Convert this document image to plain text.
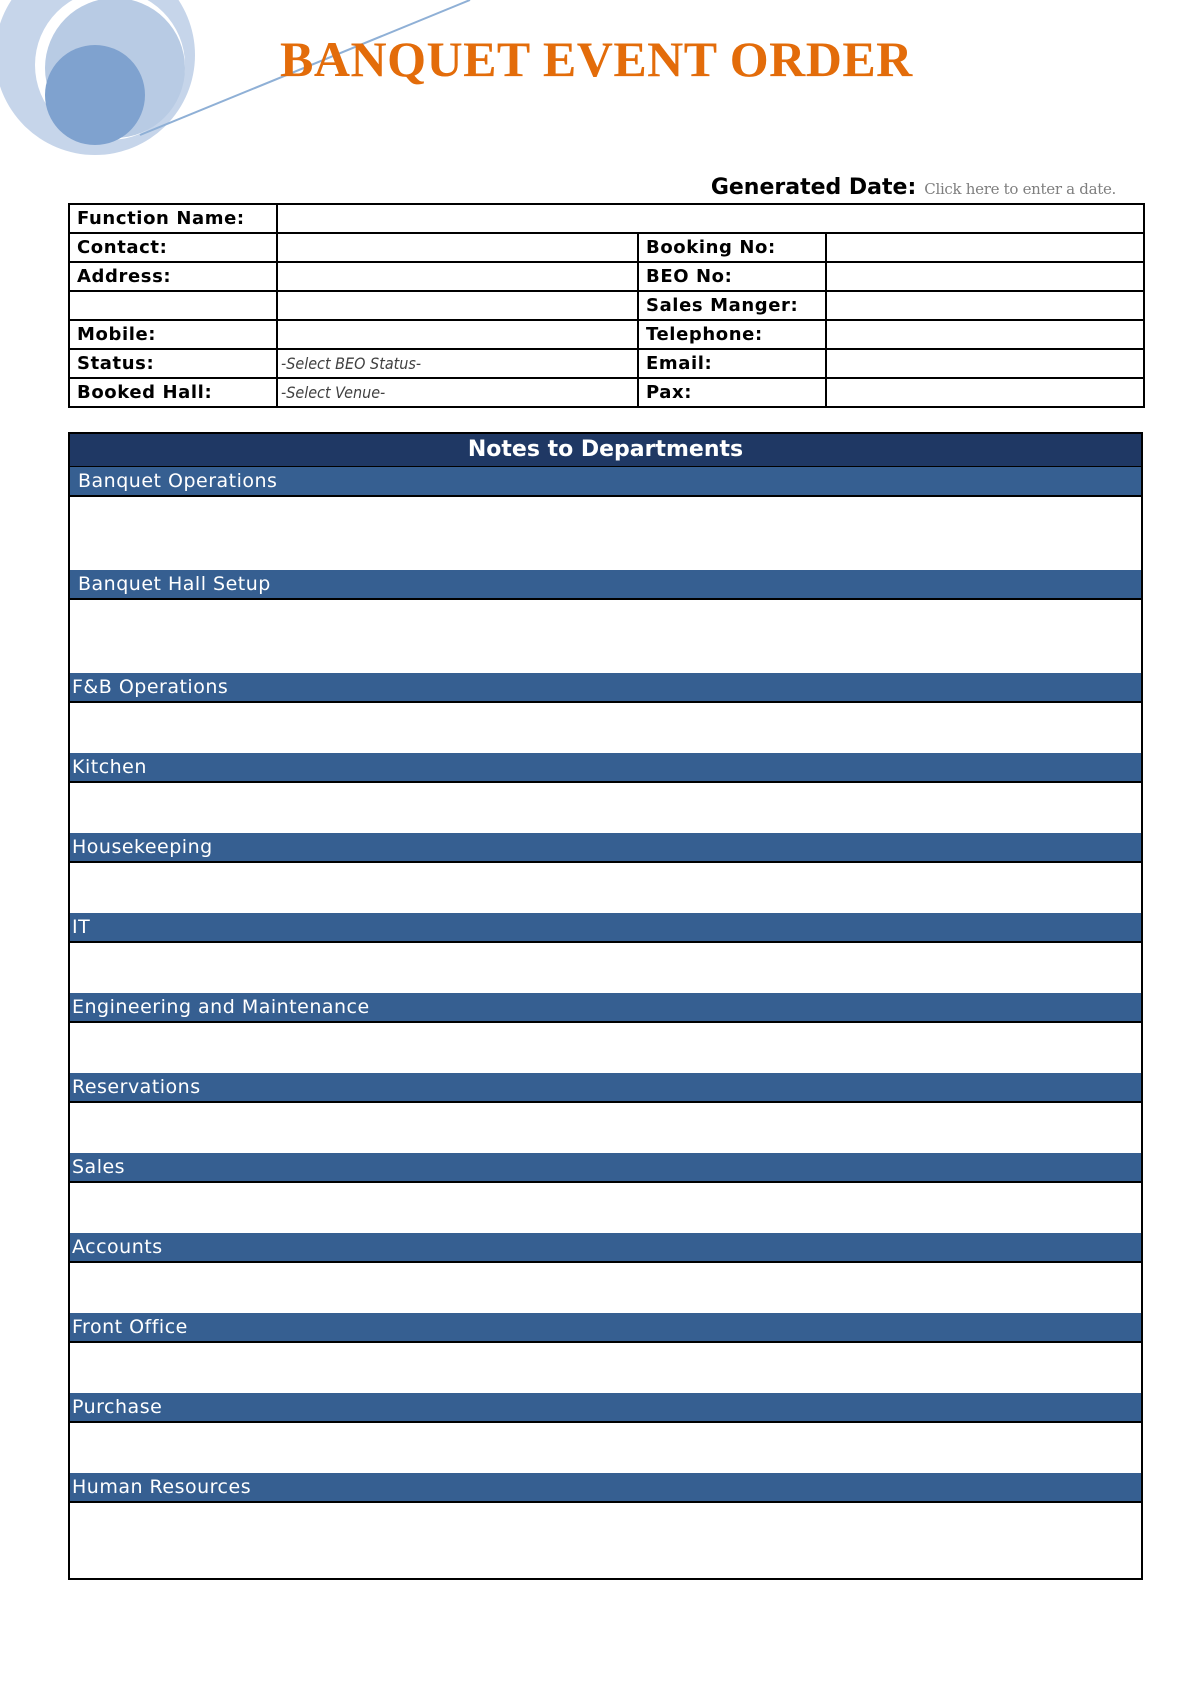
BANQUET EVENT ORDER
Generated Date: Click here to enter a date.
Function Name:			
Contact:		Booking No:	
Address:		BEO No:	
		Sales Manger:	
Mobile:		Telephone:	
Status:	-Select BEO Status-	Email:	
Booked Hall:	-Select Venue-	Pax:	
Notes to Departments
Banquet Operations
Banquet Hall Setup
F&B Operations
Kitchen
Housekeeping
IT
Engineering and Maintenance
Reservations
Sales
Accounts
Front Office
Purchase
Human Resources
